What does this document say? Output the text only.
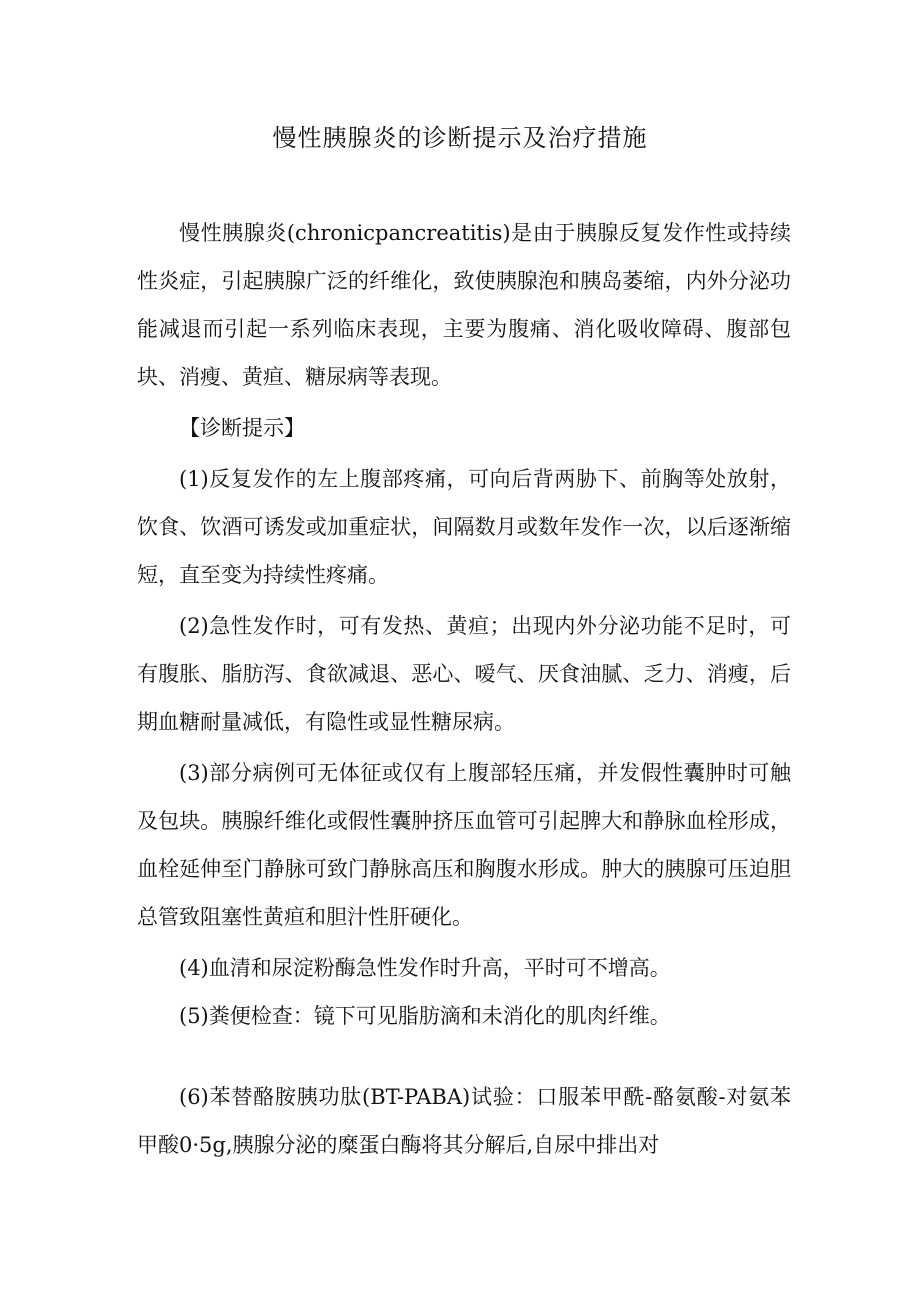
慢性胰腺炎的诊断提示及治疗措施

慢性胰腺炎(chronicpancreatitis)是由于胰腺反复发作性或持续性炎症，引起胰腺广泛的纤维化，致使胰腺泡和胰岛萎缩，内外分泌功能减退而引起一系列临床表现，主要为腹痛、消化吸收障碍、腹部包块、消瘦、黄疸、糖尿病等表现。

【诊断提示】

(1)反复发作的左上腹部疼痛，可向后背两胁下、前胸等处放射，饮食、饮酒可诱发或加重症状，间隔数月或数年发作一次，以后逐渐缩短，直至变为持续性疼痛。

(2)急性发作时，可有发热、黄疸；出现内外分泌功能不足时，可有腹胀、脂肪泻、食欲减退、恶心、嗳气、厌食油腻、乏力、消瘦，后期血糖耐量减低，有隐性或显性糖尿病。

(3)部分病例可无体征或仅有上腹部轻压痛，并发假性囊肿时可触及包块。胰腺纤维化或假性囊肿挤压血管可引起脾大和静脉血栓形成，血栓延伸至门静脉可致门静脉高压和胸腹水形成。肿大的胰腺可压迫胆总管致阻塞性黄疸和胆汁性肝硬化。

(4)血清和尿淀粉酶急性发作时升高，平时可不增高。

(5)粪便检查：镜下可见脂肪滴和未消化的肌肉纤维。

(6)苯替酪胺胰功肽(BT-PABA)试验：口服苯甲酰-酪氨酸-对氨苯甲酸0·5g,胰腺分泌的糜蛋白酶将其分解后,自尿中排出对
